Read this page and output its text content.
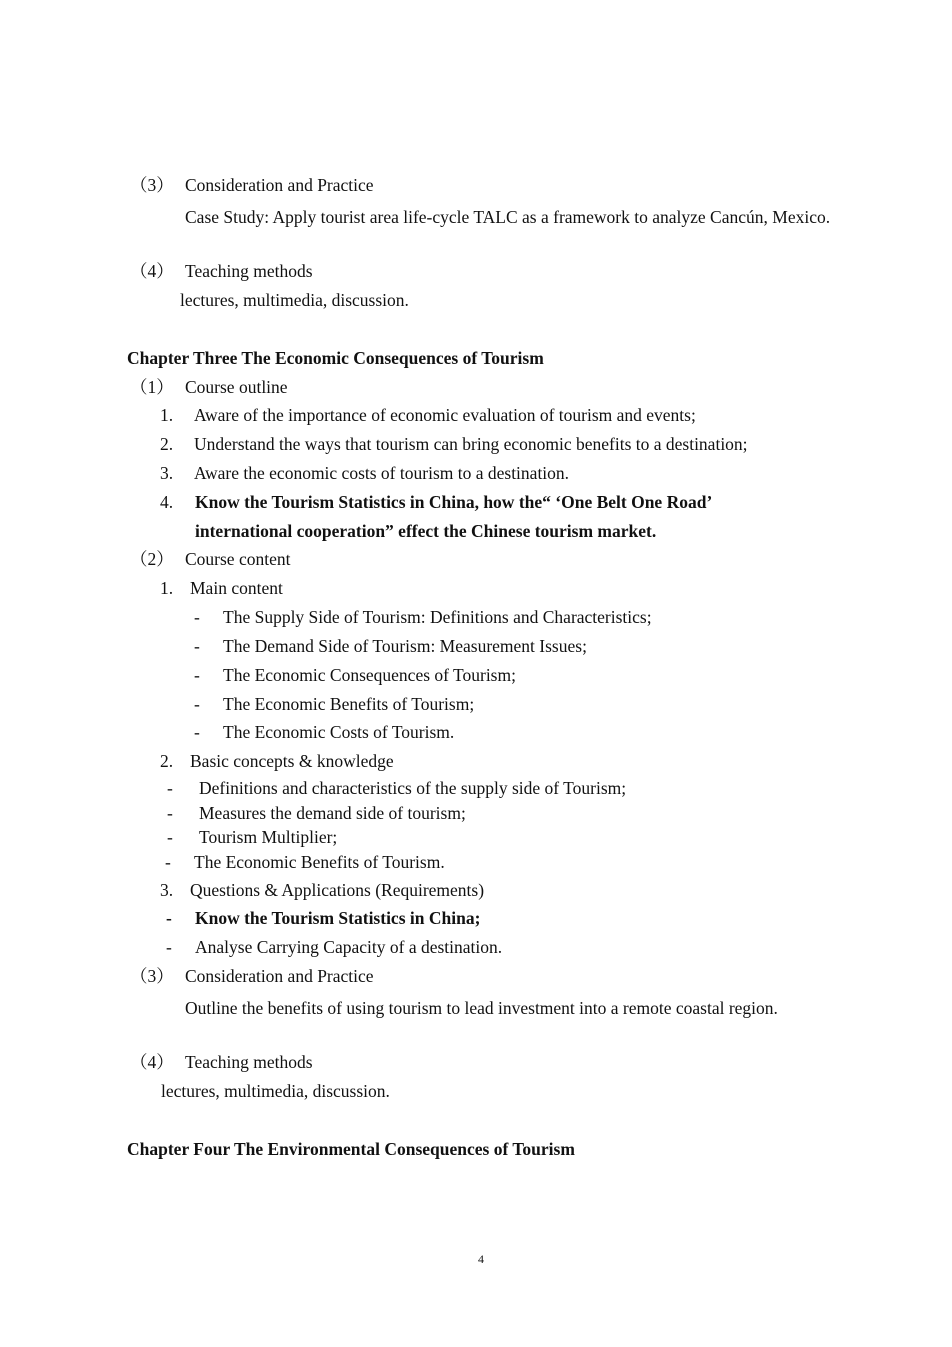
（3） Consideration and Practice
Case Study: Apply tourist area life-cycle TALC as a framework to analyze Cancún, Mexico.
（4） Teaching methods
lectures, multimedia, discussion.
Chapter Three The Economic Consequences of Tourism
（1） Course outline
1. Aware of the importance of economic evaluation of tourism and events;
2. Understand the ways that tourism can bring economic benefits to a destination;
3. Aware the economic costs of tourism to a destination.
4. Know the Tourism Statistics in China, how the“ ‘One Belt One Road’
international cooperation” effect the Chinese tourism market.
（2） Course content
1. Main content
- The Supply Side of Tourism: Definitions and Characteristics;
- The Demand Side of Tourism: Measurement Issues;
- The Economic Consequences of Tourism;
- The Economic Benefits of Tourism;
- The Economic Costs of Tourism.
2. Basic concepts & knowledge
- Definitions and characteristics of the supply side of Tourism;
- Measures the demand side of tourism;
- Tourism Multiplier;
- The Economic Benefits of Tourism.
3. Questions & Applications (Requirements)
- Know the Tourism Statistics in China;
- Analyse Carrying Capacity of a destination.
（3） Consideration and Practice
Outline the benefits of using tourism to lead investment into a remote coastal region.
（4） Teaching methods
lectures, multimedia, discussion.
Chapter Four The Environmental Consequences of Tourism
4
